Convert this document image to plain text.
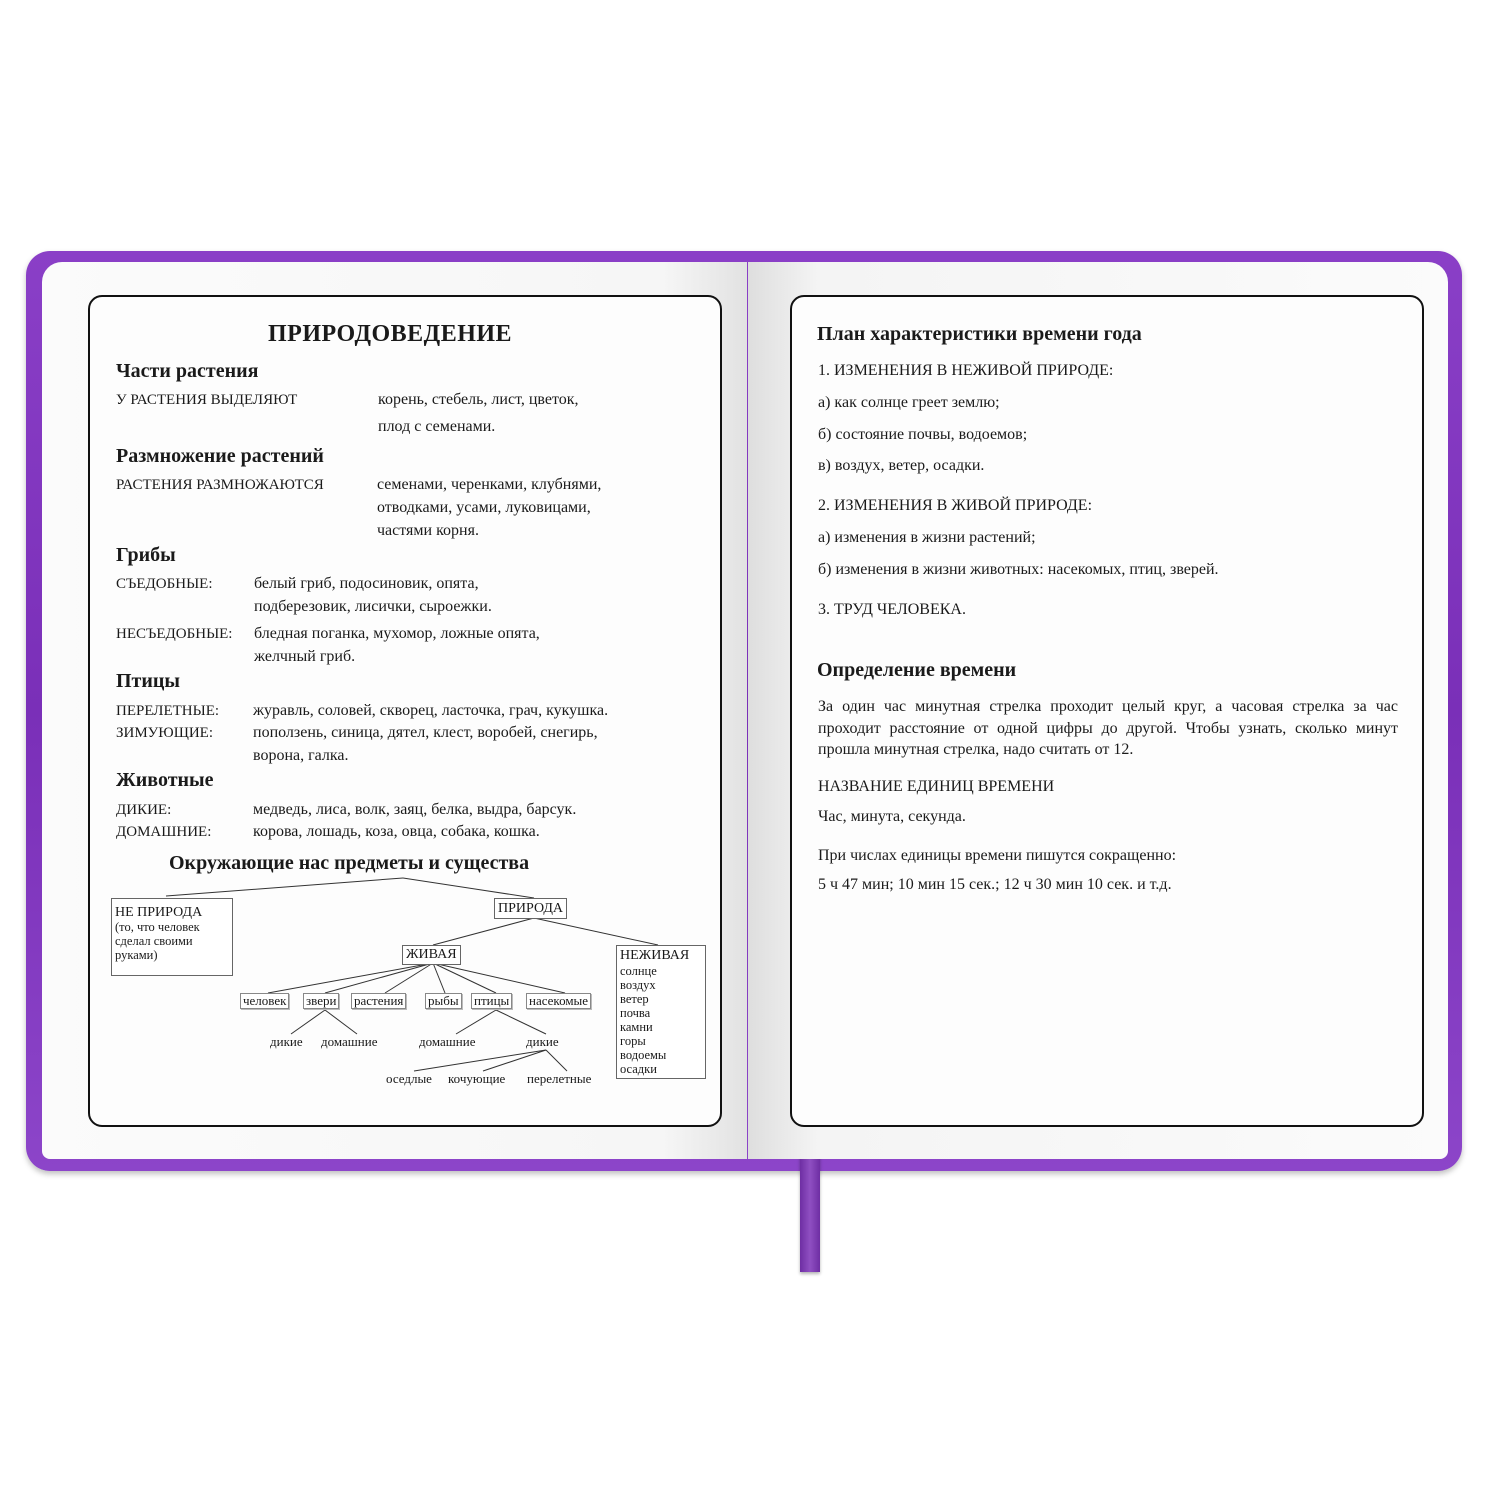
ПРИРОДОВЕДЕНИЕ
Части растения
У РАСТЕНИЯ ВЫДЕЛЯЮТ	корень, стебель, лист, цветок,
плод с семенами.
Размножение растений
РАСТЕНИЯ РАЗМНОЖАЮТСЯ	семенами, черенками, клубнями,
отводками, усами, луковицами,
частями корня.
Грибы
СЪЕДОБНЫЕ:	белый гриб, подосиновик, опята,
подберезовик, лисички, сыроежки.
НЕСЪЕДОБНЫЕ: бледная поганка, мухомор, ложные опята,
желчный гриб.
Птицы
ПЕРЕЛЕТНЫЕ: журавль, соловей, скворец, ласточка, грач, кукушка.
ЗИМУЮЩИЕ: поползень, синица, дятел, клест, воробей, снегирь,
ворона, галка.
Животные
ДИКИЕ:	медведь, лиса, волк, заяц, белка, выдра, барсук.
ДОМАШНИЕ:	корова, лошадь, коза, овца, собака, кошка.
Окружающие нас предметы и существа
НЕ ПРИРОДА
(то, что человек
сделал своими
руками)
ПРИРОДА
ЖИВАЯ	НЕЖИВАЯ
солнце
воздух
ветер
почва
камни
горы
водоемы
осадки
человек звери растения рыбы птицы насекомые
дикие домашние	домашние	дикие
оседлые кочующие перелетные
План характеристики времени года
1. ИЗМЕНЕНИЯ В НЕЖИВОЙ ПРИРОДЕ:
а) как солнце греет землю;
б) состояние почвы, водоемов;
в) воздух, ветер, осадки.
2. ИЗМЕНЕНИЯ В ЖИВОЙ ПРИРОДЕ:
а) изменения в жизни растений;
б) изменения в жизни животных: насекомых, птиц, зверей.
3. ТРУД ЧЕЛОВЕКА.
Определение времени
За один час минутная стрелка проходит целый круг, а часовая стрелка за час проходит расстояние от одной цифры до другой. Чтобы узнать, сколько минут прошла минутная стрелка, надо считать от 12.
НАЗВАНИЕ ЕДИНИЦ ВРЕМЕНИ
Час, минута, секунда.
При числах единицы времени пишутся сокращенно:
5 ч 47 мин; 10 мин 15 сек.; 12 ч 30 мин 10 сек. и т.д.
